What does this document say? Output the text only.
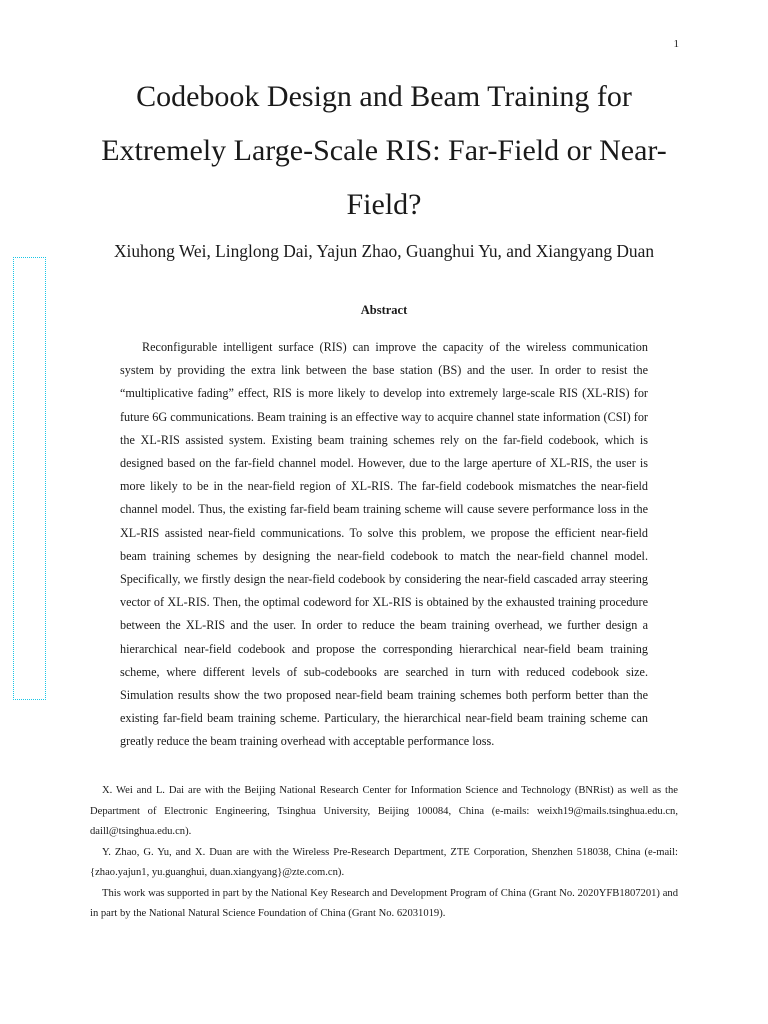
1
Codebook Design and Beam Training for Extremely Large-Scale RIS: Far-Field or Near-Field?
Xiuhong Wei, Linglong Dai, Yajun Zhao, Guanghui Yu, and Xiangyang Duan
Abstract

Reconfigurable intelligent surface (RIS) can improve the capacity of the wireless communication system by providing the extra link between the base station (BS) and the user. In order to resist the “multiplicative fading” effect, RIS is more likely to develop into extremely large-scale RIS (XL-RIS) for future 6G communications. Beam training is an effective way to acquire channel state information (CSI) for the XL-RIS assisted system. Existing beam training schemes rely on the far-field codebook, which is designed based on the far-field channel model. However, due to the large aperture of XL-RIS, the user is more likely to be in the near-field region of XL-RIS. The far-field codebook mismatches the near-field channel model. Thus, the existing far-field beam training scheme will cause severe performance loss in the XL-RIS assisted near-field communications. To solve this problem, we propose the efficient near-field beam training schemes by designing the near-field codebook to match the near-field channel model. Specifically, we firstly design the near-field codebook by considering the near-field cascaded array steering vector of XL-RIS. Then, the optimal codeword for XL-RIS is obtained by the exhausted training procedure between the XL-RIS and the user. In order to reduce the beam training overhead, we further design a hierarchical near-field codebook and propose the corresponding hierarchical near-field beam training scheme, where different levels of sub-codebooks are searched in turn with reduced codebook size. Simulation results show the two proposed near-field beam training schemes both perform better than the existing far-field beam training scheme. Particulary, the hierarchical near-field beam training scheme can greatly reduce the beam training overhead with acceptable performance loss.

X. Wei and L. Dai are with the Beijing National Research Center for Information Science and Technology (BNRist) as well as the Department of Electronic Engineering, Tsinghua University, Beijing 100084, China (e-mails: weixh19@mails.tsinghua.edu.cn, daill@tsinghua.edu.cn).

Y. Zhao, G. Yu, and X. Duan are with the Wireless Pre-Research Department, ZTE Corporation, Shenzhen 518038, China (e-mail: {zhao.yajun1, yu.guanghui, duan.xiangyang}@zte.com.cn).

This work was supported in part by the National Key Research and Development Program of China (Grant No. 2020YFB1807201) and in part by the National Natural Science Foundation of China (Grant No. 62031019).
